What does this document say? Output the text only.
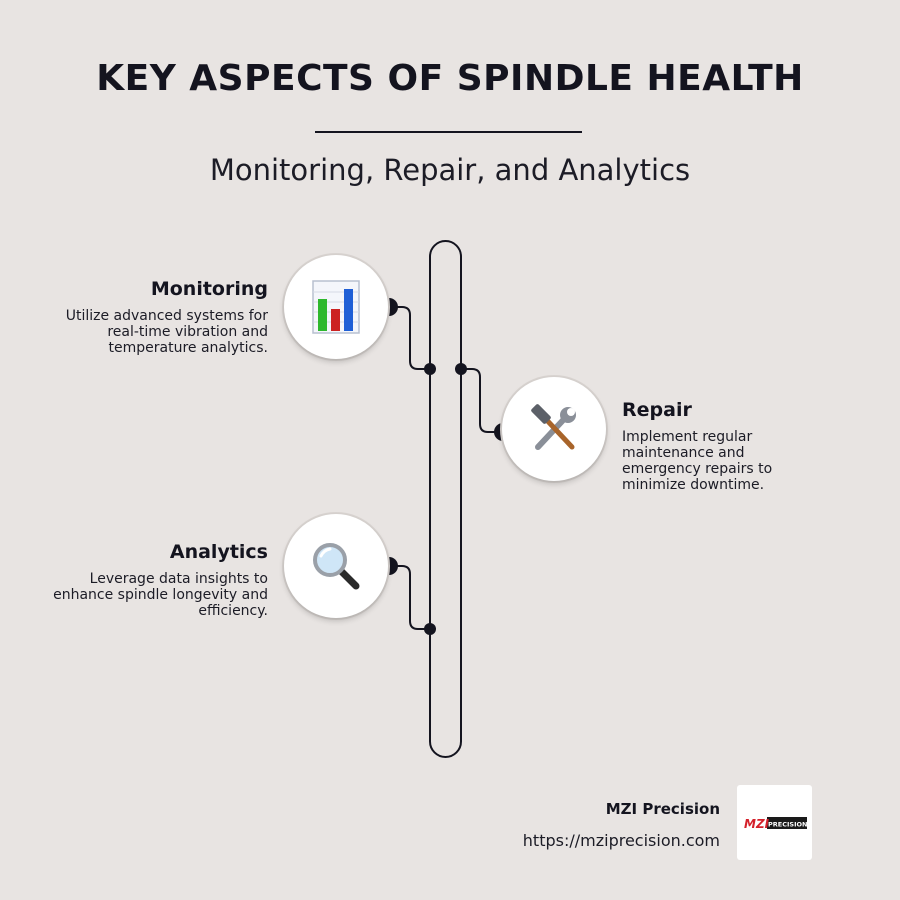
KEY ASPECTS OF SPINDLE HEALTH
Monitoring, Repair, and Analytics
Monitoring
Utilize advanced systems for real-time vibration and temperature analytics.
Repair
Implement regular maintenance and emergency repairs to minimize downtime.
Analytics
Leverage data insights to enhance spindle longevity and efficiency.
MZI Precision
https://mziprecision.com
MZI
PRECISION
